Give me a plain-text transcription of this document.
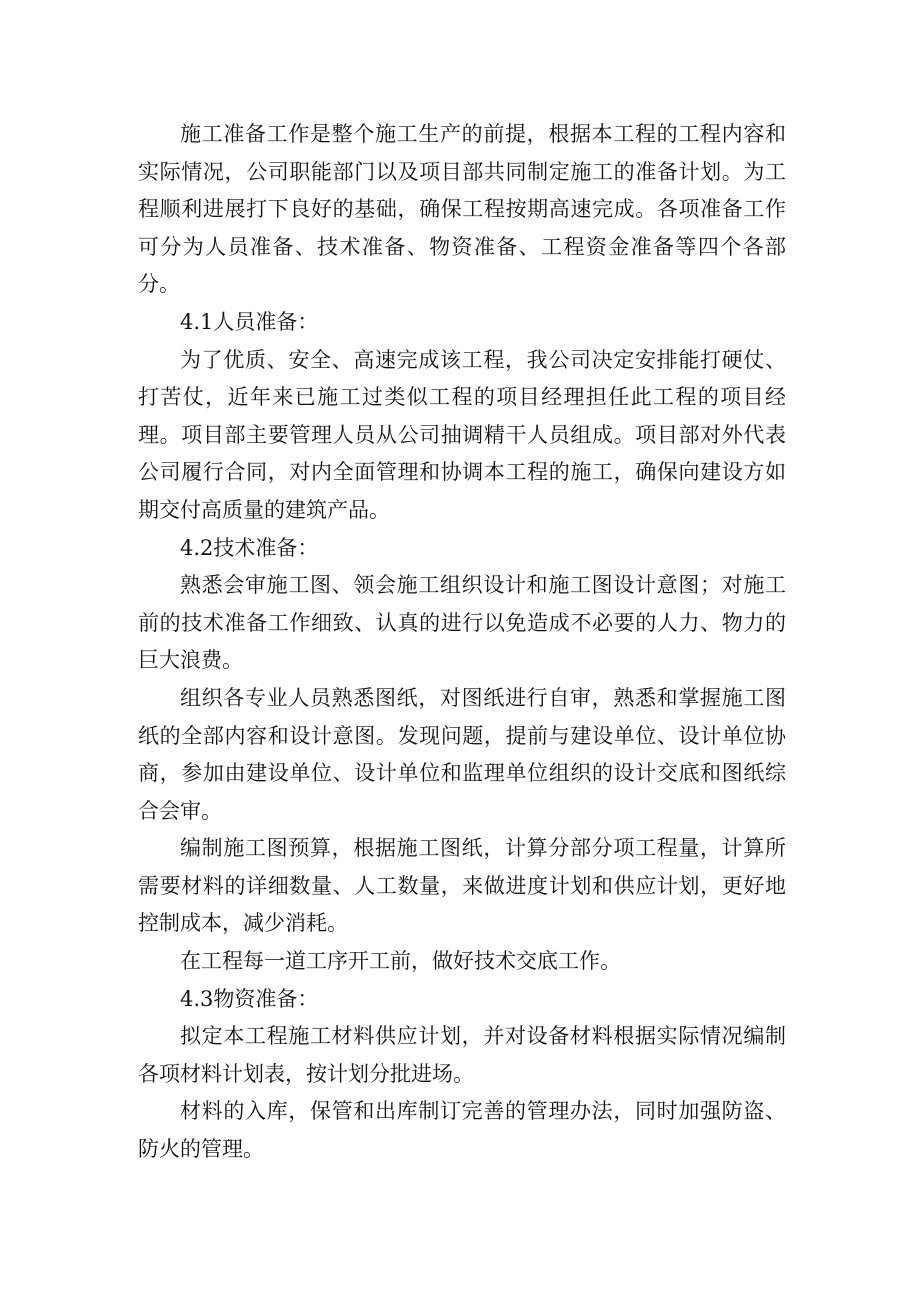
施工准备工作是整个施工生产的前提，根据本工程的工程内容和实际情况，公司职能部门以及项目部共同制定施工的准备计划。为工程顺利进展打下良好的基础，确保工程按期高速完成。各项准备工作可分为人员准备、技术准备、物资准备、工程资金准备等四个各部分。

4.1人员准备：

为了优质、安全、高速完成该工程，我公司决定安排能打硬仗、打苦仗，近年来已施工过类似工程的项目经理担任此工程的项目经理。项目部主要管理人员从公司抽调精干人员组成。项目部对外代表公司履行合同，对内全面管理和协调本工程的施工，确保向建设方如期交付高质量的建筑产品。

4.2技术准备：

熟悉会审施工图、领会施工组织设计和施工图设计意图；对施工前的技术准备工作细致、认真的进行以免造成不必要的人力、物力的巨大浪费。

组织各专业人员熟悉图纸，对图纸进行自审，熟悉和掌握施工图纸的全部内容和设计意图。发现问题，提前与建设单位、设计单位协商，参加由建设单位、设计单位和监理单位组织的设计交底和图纸综合会审。

编制施工图预算，根据施工图纸，计算分部分项工程量，计算所需要材料的详细数量、人工数量，来做进度计划和供应计划，更好地控制成本，减少消耗。

在工程每一道工序开工前，做好技术交底工作。

4.3物资准备：

拟定本工程施工材料供应计划，并对设备材料根据实际情况编制各项材料计划表，按计划分批进场。

材料的入库，保管和出库制订完善的管理办法，同时加强防盗、防火的管理。
